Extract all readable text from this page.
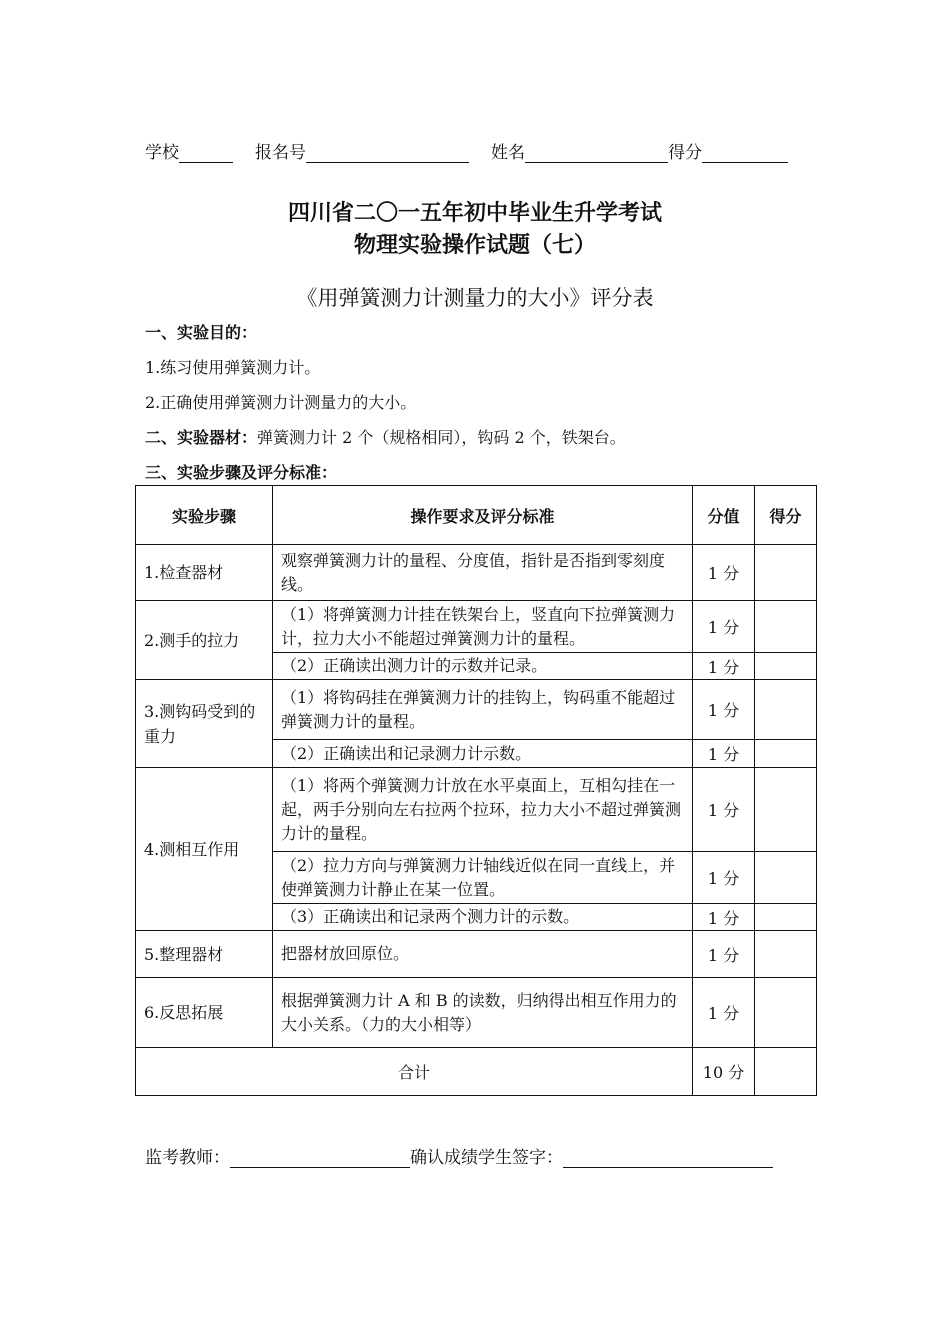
学校	报名号	姓名	得分
四川省二〇一五年初中毕业生升学考试
物理实验操作试题（七）
《用弹簧测力计测量力的大小》评分表
一、实验目的：
1.练习使用弹簧测力计。
2.正确使用弹簧测力计测量力的大小。
二、实验器材：弹簧测力计 2 个（规格相同），钩码 2 个，铁架台。
三、实验步骤及评分标准：
实验步骤	操作要求及评分标准	分值	得分
1.检查器材	观察弹簧测力计的量程、分度值，指针是否指到零刻度线。	1 分	
2.测手的拉力	（1）将弹簧测力计挂在铁架台上，竖直向下拉弹簧测力计，拉力大小不能超过弹簧测力计的量程。	1 分	
	（2）正确读出测力计的示数并记录。	1 分	
3.测钩码受到的重力	（1）将钩码挂在弹簧测力计的挂钩上，钩码重不能超过弹簧测力计的量程。	1 分	
	（2）正确读出和记录测力计示数。	1 分	
4.测相互作用	（1）将两个弹簧测力计放在水平桌面上，互相勾挂在一起，两手分别向左右拉两个拉环，拉力大小不超过弹簧测力计的量程。	1 分	
	（2）拉力方向与弹簧测力计轴线近似在同一直线上，并使弹簧测力计静止在某一位置。	1 分	
	（3）正确读出和记录两个测力计的示数。	1 分	
5.整理器材	把器材放回原位。	1 分	
6.反思拓展	根据弹簧测力计 A 和 B 的读数，归纳得出相互作用力的大小关系。（力的大小相等）	1 分	
合计		10 分	
监考教师：	确认成绩学生签字：
